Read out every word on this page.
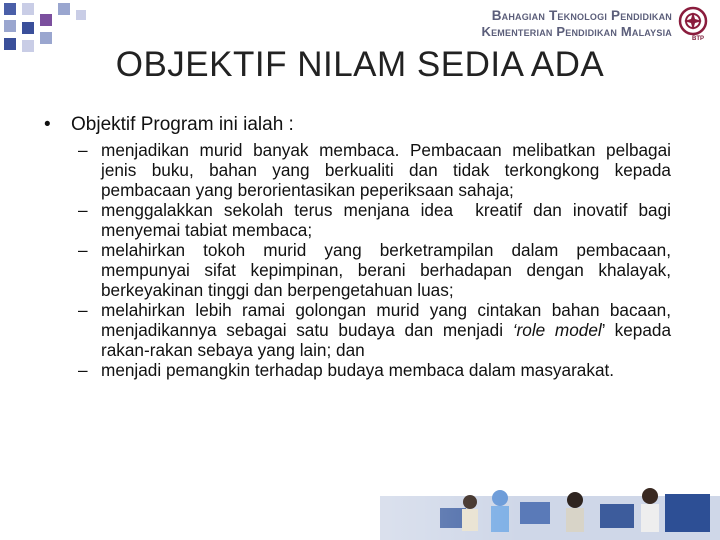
Bahagian Teknologi Pendidikan
Kementerian Pendidikan Malaysia	BTP
OBJEKTIF NILAM SEDIA ADA
• Objektif Program ini ialah :
– menjadikan murid banyak membaca. Pembacaan melibatkan pelbagai jenis buku, bahan yang berkualiti dan tidak terkongkong kepada pembacaan yang berorientasikan peperiksaan sahaja;
– menggalakkan sekolah terus menjana idea  kreatif dan inovatif bagi menyemai tabiat membaca;
– melahirkan tokoh murid yang berketrampilan dalam pembacaan, mempunyai sifat kepimpinan, berani berhadapan dengan khalayak, berkeyakinan tinggi dan berpengetahuan luas;
– melahirkan lebih ramai golongan murid yang cintakan bahan bacaan, menjadikannya sebagai satu budaya dan menjadi ‘role model’ kepada rakan-rakan sebaya yang lain; dan
– menjadi pemangkin terhadap budaya membaca dalam masyarakat.
